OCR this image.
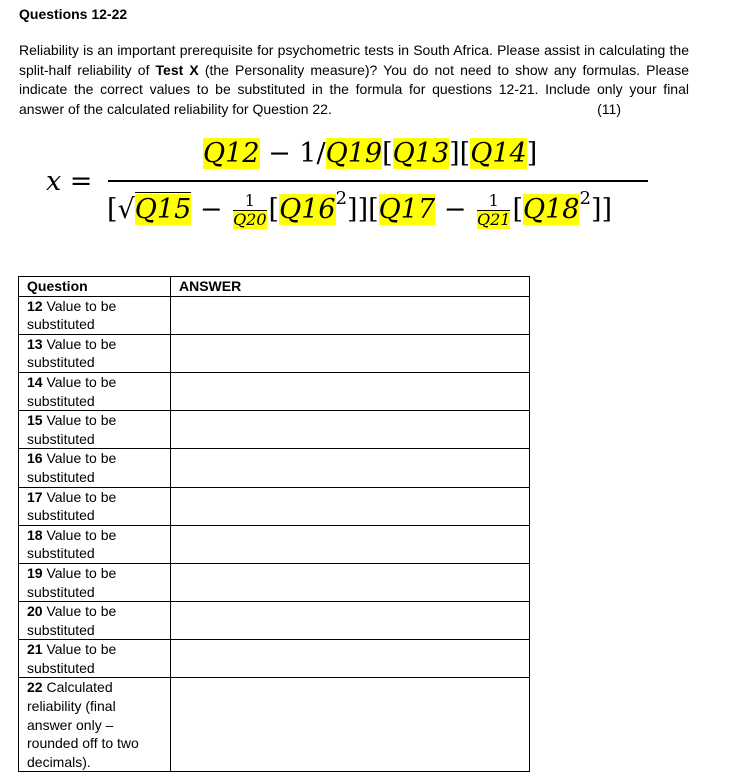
Questions 12-22
Reliability is an important prerequisite for psychometric tests in South Africa. Please assist in calculating the split-half reliability of Test X (the Personality measure)? You do not need to show any formulas. Please indicate the correct values to be substituted in the formula for questions 12-21. Include only your final answer of the calculated reliability for Question 22.	(11)
x =
Q12 − 1/Q19[Q13][Q14]
$[√Q15 - \frac{1}{Q20} [Q16^2]][Q17 - \frac{1}{Q21} [Q18^2]]$
Question	ANSWER
12 Value to be substituted	
13 Value to be substituted	
14 Value to be substituted	
15 Value to be substituted	
16 Value to be substituted	
17 Value to be substituted	
18 Value to be substituted	
19 Value to be substituted	
20 Value to be substituted	
21 Value to be substituted	
22 Calculated reliability (final answer only – rounded off to two decimals).	
